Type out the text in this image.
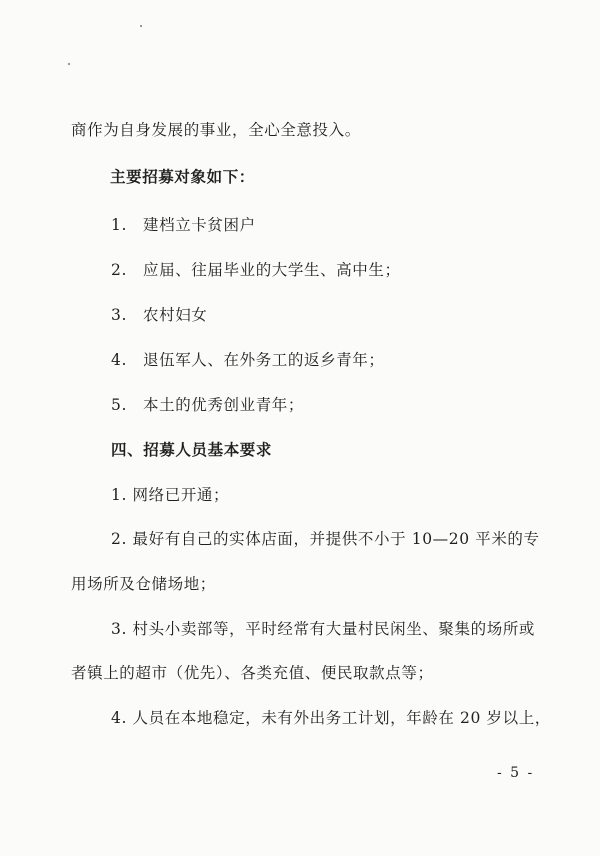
商作为自身发展的事业，全心全意投入。
主要招募对象如下：
1. 建档立卡贫困户
2. 应届、往届毕业的大学生、高中生；
3. 农村妇女
4. 退伍军人、在外务工的返乡青年；
5. 本土的优秀创业青年；
四、招募人员基本要求
1. 网络已开通；
2. 最好有自己的实体店面，并提供不小于 10—20 平米的专
用场所及仓储场地；
3. 村头小卖部等，平时经常有大量村民闲坐、聚集的场所或
者镇上的超市（优先）、各类充值、便民取款点等；
4. 人员在本地稳定，未有外出务工计划，年龄在 20 岁以上，
- 5 -
